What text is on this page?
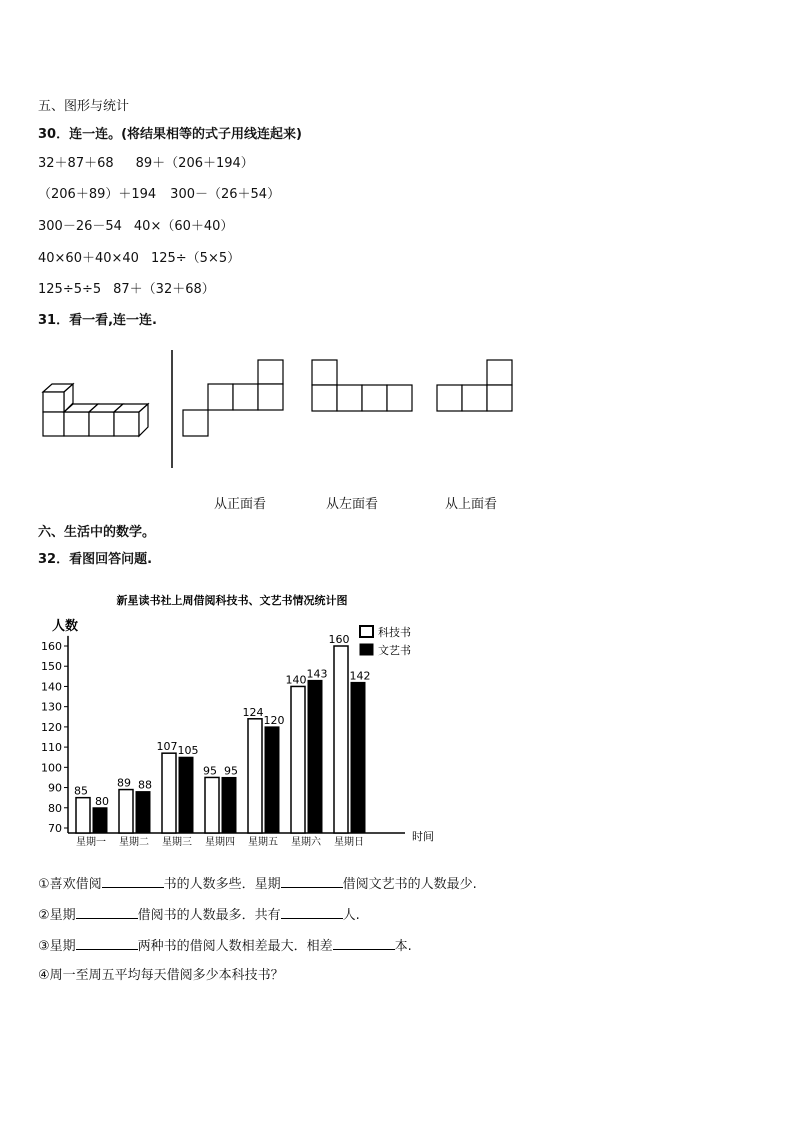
五、图形与统计
30．连一连。(将结果相等的式子用线连起来)
32＋87＋68 89＋（206＋194）
（206＋89）＋194 300－（26＋54）
300－26－54 40×（60＋40）
40×60＋40×40 125÷（5×5）
125÷5÷5 87＋（32＋68）
31．看一看,连一连.
从正面看	从左面看	从上面看
六、生活中的数学。
32．看图回答问题.
新星读书社上周借阅科技书、文艺书情况统计图
人数
时间
70
80
90
100
110
120
130
140
150
160
85
80
89 88
107 105
95 95
124
120
140 143
160
142
星期一 星期二 星期三 星期四 星期五 星期六 星期日
科技书
文艺书
①喜欢借阅	书的人数多些．星期	借阅文艺书的人数最少.
②星期	借阅书的人数最多．共有	人.
③星期	两种书的借阅人数相差最大．相差	本.
④周一至周五平均每天借阅多少本科技书？
